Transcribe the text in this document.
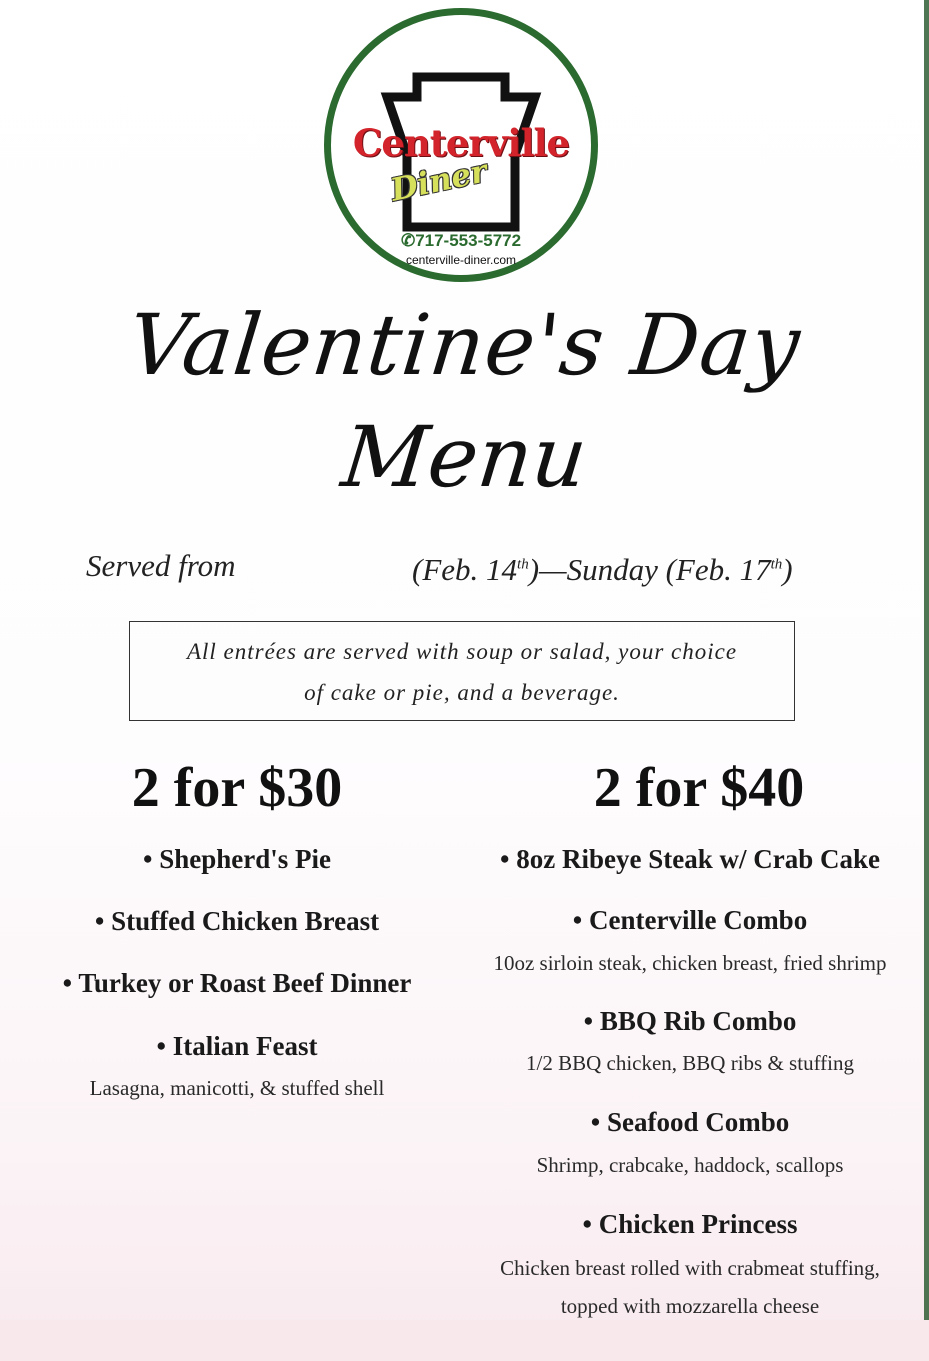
Centerville
Diner
✆717-553-5772
centerville-diner.com
Valentine's Day
Menu
Served from	(Feb. 14th)—Sunday (Feb. 17th)
All entrées are served with soup or salad, your choice
of cake or pie, and a beverage.
2 for $30
• Shepherd's Pie
• Stuffed Chicken Breast
• Turkey or Roast Beef Dinner
• Italian Feast
Lasagna, manicotti, & stuffed shell
2 for $40
• 8oz Ribeye Steak w/ Crab Cake
• Centerville Combo
10oz sirloin steak, chicken breast, fried shrimp
• BBQ Rib Combo
1/2 BBQ chicken, BBQ ribs & stuffing
• Seafood Combo
Shrimp, crabcake, haddock, scallops
• Chicken Princess
Chicken breast rolled with crabmeat stuffing,
topped with mozzarella cheese
